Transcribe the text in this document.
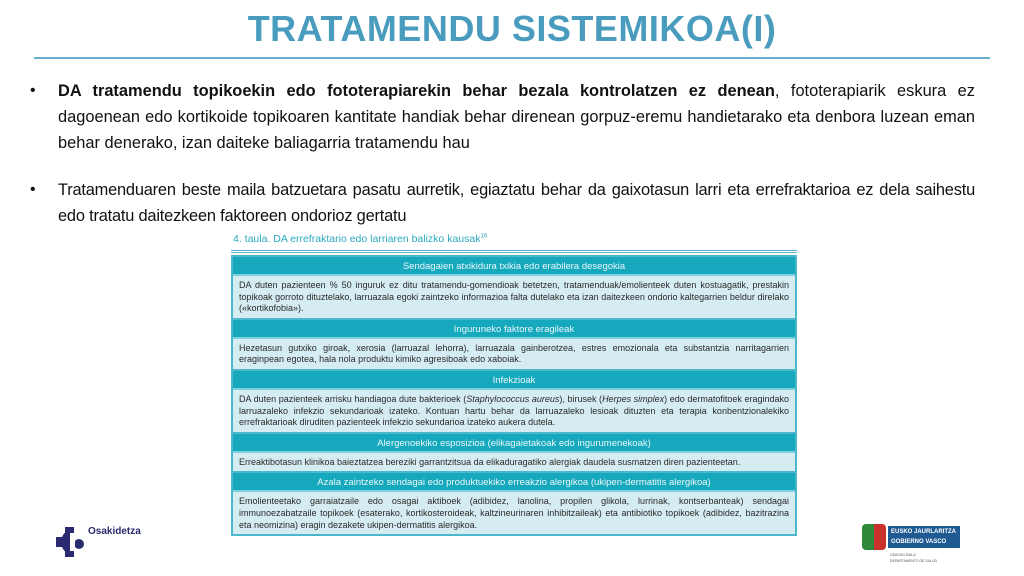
TRATAMENDU SISTEMIKOA(I)
• DA tratamendu topikoekin edo fototerapiarekin behar bezala kontrolatzen ez denean, fototerapiarik eskura ez dagoenean edo kortikoide topikoaren kantitate handiak behar direnean gorpuz-eremu handietarako eta denbora luzean eman behar denerako, izan daiteke baliagarria tratamendu hau
• Tratamenduaren beste maila batzuetara pasatu aurretik, egiaztatu behar da gaixotasun larri eta errefraktarioa ez dela saihestu edo tratatu daitezkeen faktoreen ondorioz gertatu
4. taula. DA errefraktario edo larriaren balizko kausak$^{16}$
Sendagaien atxikidura txikia edo erabilera desegokia
DA duten pazienteen % 50 inguruk ez ditu tratamendu-gomendioak betetzen, tratamenduak/emolienteek duten kostuagatik, prestakin topikoak gorroto dituztelako, larruazala egoki zaintzeko informazioa falta dutelako eta izan daitezkeen ondorio kaltegarrien beldur direlako («kortikofobia»).
Inguruneko faktore eragileak
Hezetasun gutxiko giroak, xerosia (larruazal lehorra), larruazala gainberotzea, estres emozionala eta substantzia narritagarrien eraginpean egotea, hala nola produktu kimiko agresiboak edo xaboiak.
Infekzioak
DA duten pazienteek arrisku handiagoa dute bakterioek (Staphylococcus aureus), birusek (Herpes simplex) edo dermatofitoek eragindako larruazaleko infekzio sekundarioak izateko. Kontuan hartu behar da larruazaleko lesioak dituzten eta terapia konbentzionalekiko errefraktarioak diruditen pazienteek infekzio sekundarioa izateko aukera dutela.
Alergenoekiko esposizioa (elikagaietakoak edo ingurumenekoak)
Erreaktibotasun klinikoa baieztatzea bereziki garrantzitsua da elikaduragatiko alergiak daudela susmatzen diren pazienteetan.
Azala zaintzeko sendagai edo produktuekiko erreakzio alergikoa (ukipen-dermatitis alergikoa)
Emolienteetako garraiatzaile edo osagai aktiboek (adibidez, lanolina, propilen glikola, lurrinak, kontserbanteak) sendagai immunoezabatzaile topikoek (esaterako, kortikosteroideak, kaltzineurinaren inhibitzaileak) eta antibiotiko topikoek (adibidez, bazitrazina eta neomizina) eragin dezakete ukipen-dermatitis alergikoa.
Osakidetza	EUSKO JAURLARITZA
GOBIERNO VASCO
OSASUN SAILA
DEPARTAMENTO DE SALUD
